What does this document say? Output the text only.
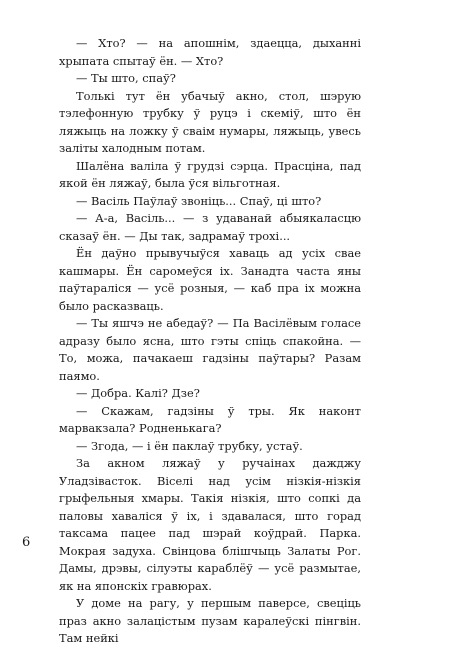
— Хто? — на апошнім, здаецца, дыханні хрыпата спытаў ён. — Хто?

— Ты што, спаў?

Толькі тут ён убачыў акно, стол, шэрую тэлефонную трубку ў руцэ і скеміў, што ён ляжыць на ложку ў сваім нумары, ляжыць, увесь заліты халодным потам.

Шалёна валіла ў грудзі сэрца. Прасціна, пад якой ён ляжаў, была ўся вільготная.

— Васіль Паўлаў звоніць... Спаў, ці што?

— А-а, Васіль... — з удаванай абыякаласцю сказаў ён. — Ды так, задрамаў трохі...

Ён даўно прывучыўся хаваць ад усіх свае кашмары. Ён саромеўся іх. Занадта часта яны паўтараліся — усё розныя, — каб пра іх можна было расказваць.

— Ты яшчэ не абедаў? — Па Васілёвым голасе адразу было ясна, што гэты спіць спакойна. — То, можа, пачакаеш гадзіны паўтары? Разам паямо.

— Добра. Калі? Дзе?

— Скажам, гадзіны ў тры. Як наконт марвакзала? Родненькага?

— Згода, — і ён паклаў трубку, устаў.

За акном ляжаў у ручаінах дажджу Уладзівасток. Віселі над усім нізкія-нізкія грыфельныя хмары. Такія нізкія, што сопкі да паловы хаваліся ў іх, і здавалася, што горад таксама пацее пад шэрай коўдрай. Парка. Мокрая задуха. Свінцова блішчыць Залаты Рог. Дамы, дрэвы, сілуэты караблёў — усё размытае, як на японскіх гравюрах.

У доме на рагу, у першым паверсе, свеціць праз акно залацістым пузам каралеўскі пінгвін. Там нейкі

6
